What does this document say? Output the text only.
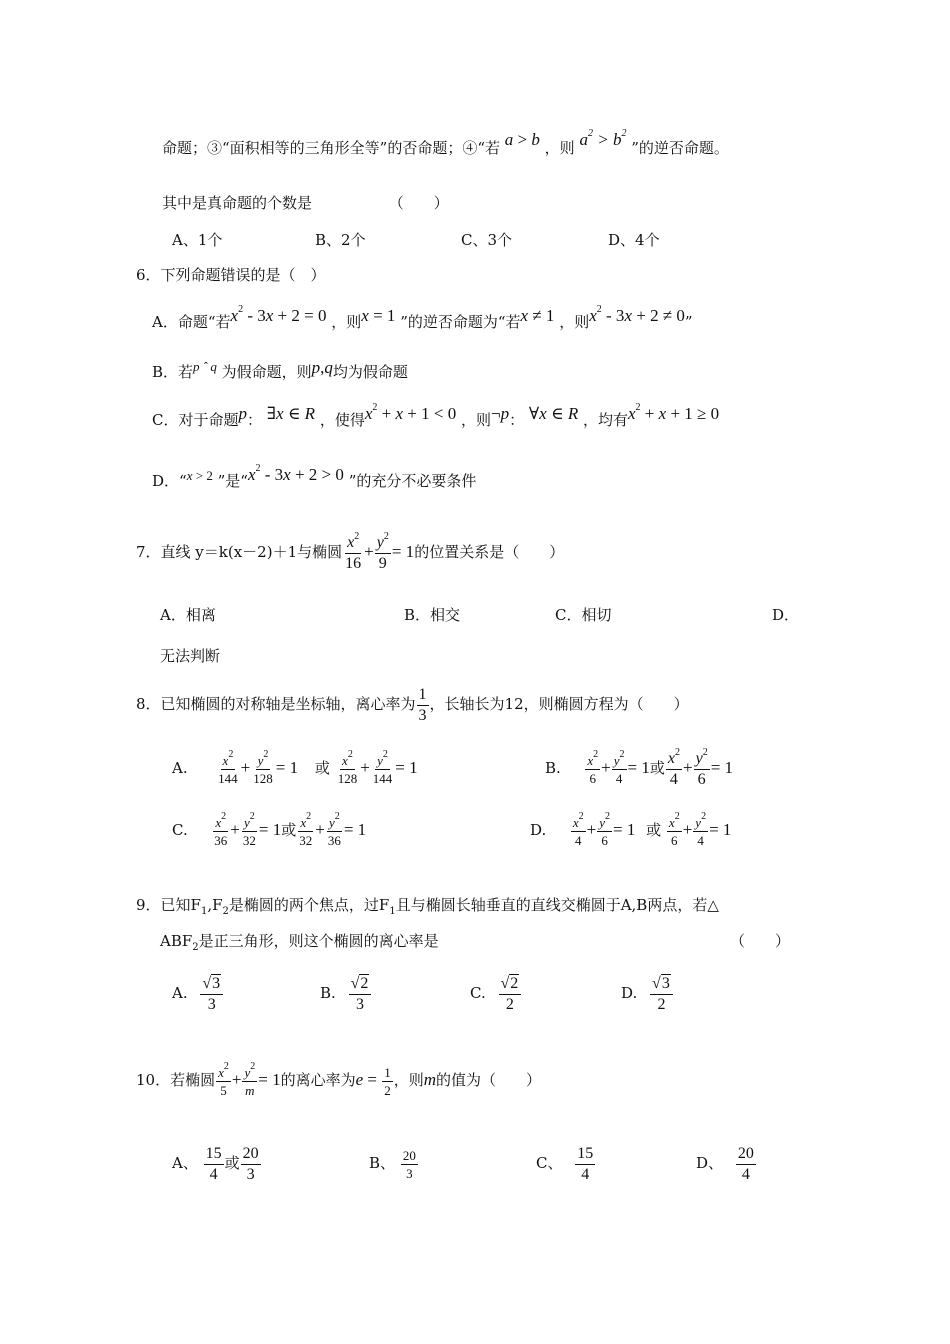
命题；③“面积相等的三角形全等”的否命题；④“若 a > b ，则 $a^2 > b^2$ ”的逆否命题。
其中是真命题的个数是	（　　）
A、1个	B、2个	C、3个	D、4个
6．下列命题错误的是（　）
A．命题“若$x^2 - 3x + 2 = 0$ ，则x = 1 ”的逆否命题为“若x ≠ 1 ，则$x^2 - 3x + 2 \ne 0$”
B．若p ˆ q 为假命题，则p,q均为假命题
C．对于命题p： ∃x ∈ R ，使得$x^2 + x + 1 < 0$ ，则¬p： ∀x ∈ R ，均有$x^2 + x + 1 \ge 0$
D．“x > 2 ”是“$x^2 - 3x + 2 > 0$ ”的充分不必要条件
7．直线 y＝k(x－2)＋1与椭圆 $\frac{x^2}{16} + \frac{y^2}{9} = 1$的位置关系是（　　）
A．相离	B．相交	C．相切	D．
无法判断
8．已知椭圆的对称轴是坐标轴，离心率为 $\frac{1}{3}$ ，长轴长为12，则椭圆方程为（　　）
A. $\frac{x^2}{144} + \frac{y^2}{128} = 1$ 或 $\frac{x^2}{128} + \frac{y^2}{144} = 1$	B. $\frac{x^2}{6} + \frac{y^2}{4} = 1$或 $\frac{x^2}{4} + \frac{y^2}{6} = 1$
C. $\frac{x^2}{36} + \frac{y^2}{32} = 1$或 $\frac{x^2}{32} + \frac{y^2}{36} = 1$	D. $\frac{x^2}{4} + \frac{y^2}{6} = 1$ 或 $\frac{x^2}{6} + \frac{y^2}{4} = 1$
9．已知$F_1,F_2$是椭圆的两个焦点，过$F_1$且与椭圆长轴垂直的直线交椭圆于A,B两点，若△
$ABF_2$是正三角形，则这个椭圆的离心率是	（　　）
A. $\frac{√3}{3}$	B. $\frac{√2}{3}$	C. $\frac{√2}{2}$	D. $\frac{√3}{2}$
10．若椭圆 $\frac{x^2}{5} + \frac{y^2}{m} = 1$的离心率为$e = \frac{1}{2}$ ，则m的值为（　　）
A、 $\frac{15}{4}$ 或 $\frac{20}{3}$	B、 $\frac{20}{3}$	C、 $\frac{15}{4}$	D、 $\frac{20}{4}$
